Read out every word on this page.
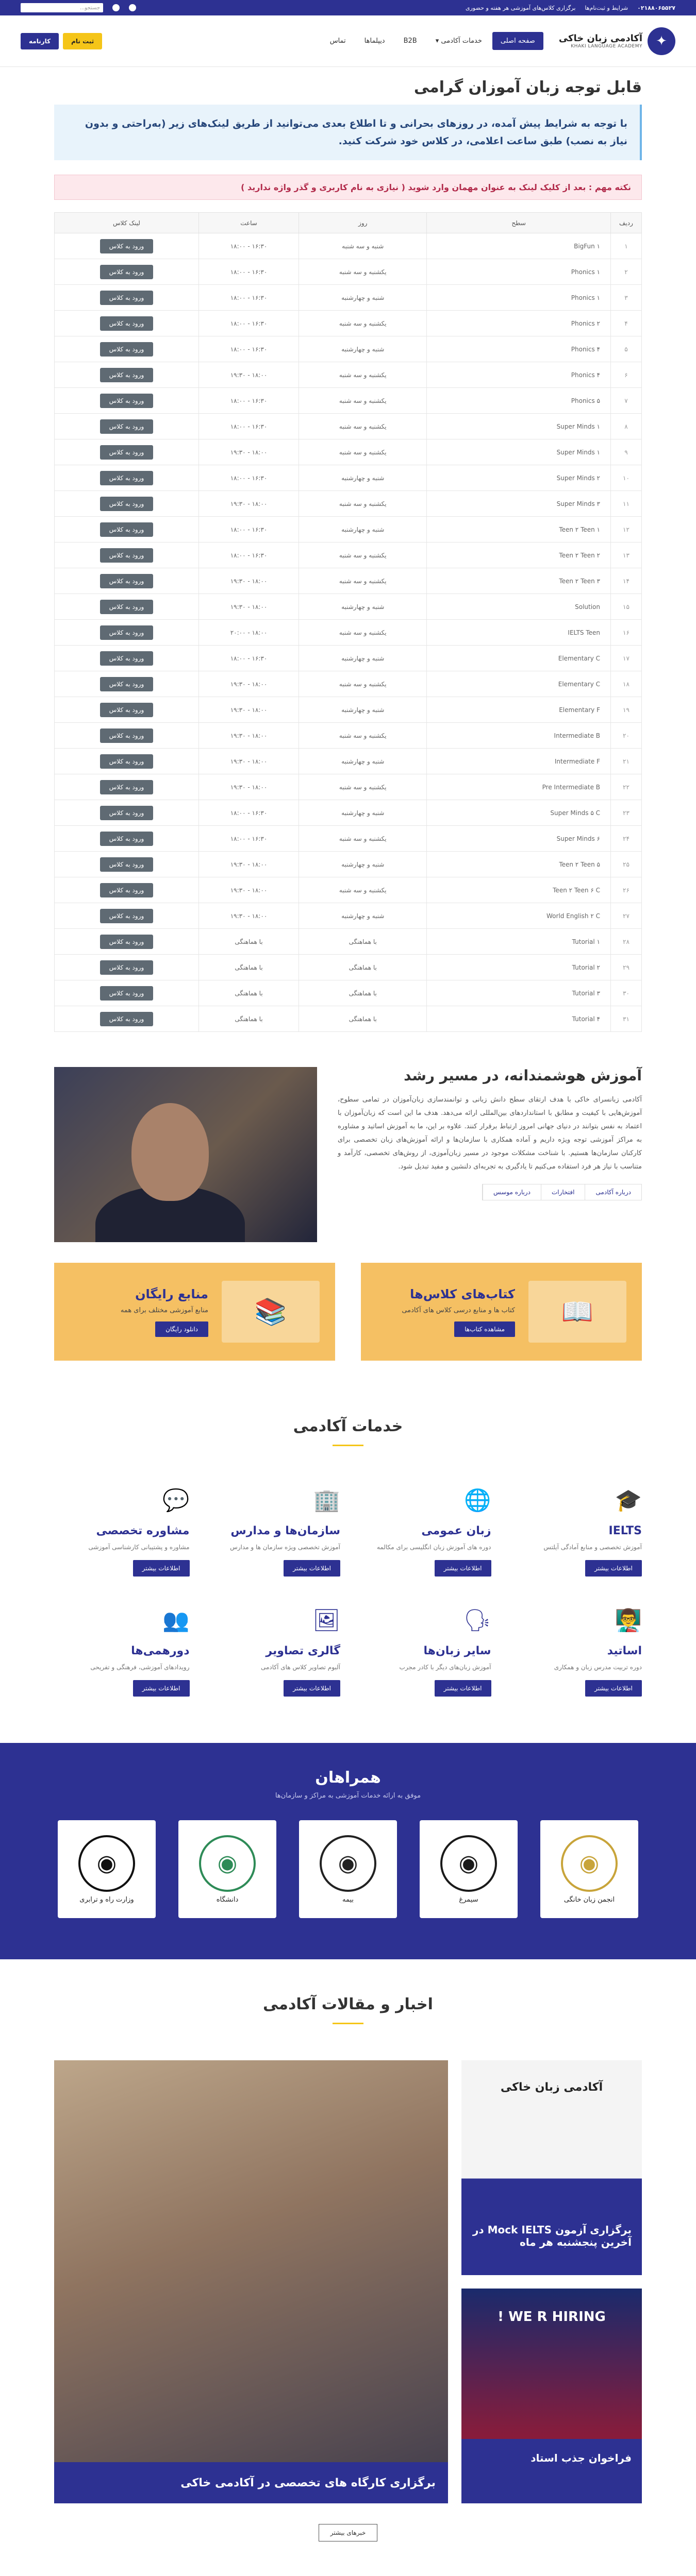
۰۲۱۸۸۰۶۵۵۲۷
شرایط و ثبت‌نام‌ها
برگزاری کلاس‌های آموزشی هر هفته و حضوری
جستجو...
✦
آکادمی زبان خاکی
KHAKI LANGUAGE ACADEMY
صفحه اصلی
خدمات آکادمی ▾
B2B
دیپلماها
تماس
ثبت نام
کارنامه
قابل توجه زبان آموزان گرامی
با توجه به شرایط پیش آمده، در روزهای بحرانی و تا اطلاع بعدی می‌توانید از طریق لینک‌های زیر (به‌راحتی و بدون نیاز به نصب) طبق ساعت اعلامی، در کلاس خود شرکت کنید.
نکته مهم : بعد از کلیک لینک به عنوان مهمان وارد شوید ( نیازی به نام کاربری و گذر واژه ندارید )
ردیف	سطح	روز	ساعت	لینک کلاس
۱	BigFun ۱	شنبه و سه شنبه	۱۶:۳۰ - ۱۸:۰۰	ورود به کلاس
۲	Phonics ۱	یکشنبه و سه شنبه	۱۶:۳۰ - ۱۸:۰۰	ورود به کلاس
۳	Phonics ۱	شنبه و چهارشنبه	۱۶:۳۰ - ۱۸:۰۰	ورود به کلاس
۴	Phonics ۲	یکشنبه و سه شنبه	۱۶:۳۰ - ۱۸:۰۰	ورود به کلاس
۵	Phonics ۴	شنبه و چهارشنبه	۱۶:۳۰ - ۱۸:۰۰	ورود به کلاس
۶	Phonics ۴	یکشنبه و سه شنبه	۱۸:۰۰ - ۱۹:۳۰	ورود به کلاس
۷	Phonics ۵	یکشنبه و سه شنبه	۱۶:۳۰ - ۱۸:۰۰	ورود به کلاس
۸	Super Minds ۱	یکشنبه و سه شنبه	۱۶:۳۰ - ۱۸:۰۰	ورود به کلاس
۹	Super Minds ۱	یکشنبه و سه شنبه	۱۸:۰۰ - ۱۹:۳۰	ورود به کلاس
۱۰	Super Minds ۲	شنبه و چهارشنبه	۱۶:۳۰ - ۱۸:۰۰	ورود به کلاس
۱۱	Super Minds ۳	یکشنبه و سه شنبه	۱۸:۰۰ - ۱۹:۳۰	ورود به کلاس
۱۲	Teen ۲ Teen ۱	شنبه و چهارشنبه	۱۶:۳۰ - ۱۸:۰۰	ورود به کلاس
۱۳	Teen ۲ Teen ۲	یکشنبه و سه شنبه	۱۶:۳۰ - ۱۸:۰۰	ورود به کلاس
۱۴	Teen ۲ Teen ۳	یکشنبه و سه شنبه	۱۸:۰۰ - ۱۹:۳۰	ورود به کلاس
۱۵	Solution	شنبه و چهارشنبه	۱۸:۰۰ - ۱۹:۳۰	ورود به کلاس
۱۶	IELTS Teen	یکشنبه و سه شنبه	۱۸:۰۰ - ۲۰:۰۰	ورود به کلاس
۱۷	Elementary C	شنبه و چهارشنبه	۱۶:۳۰ - ۱۸:۰۰	ورود به کلاس
۱۸	Elementary C	یکشنبه و سه شنبه	۱۸:۰۰ - ۱۹:۳۰	ورود به کلاس
۱۹	Elementary F	شنبه و چهارشنبه	۱۸:۰۰ - ۱۹:۳۰	ورود به کلاس
۲۰	Intermediate B	یکشنبه و سه شنبه	۱۸:۰۰ - ۱۹:۳۰	ورود به کلاس
۲۱	Intermediate F	شنبه و چهارشنبه	۱۸:۰۰ - ۱۹:۳۰	ورود به کلاس
۲۲	Pre Intermediate B	یکشنبه و سه شنبه	۱۸:۰۰ - ۱۹:۳۰	ورود به کلاس
۲۳	Super Minds ۵ C	شنبه و چهارشنبه	۱۶:۳۰ - ۱۸:۰۰	ورود به کلاس
۲۴	Super Minds ۶	یکشنبه و سه شنبه	۱۶:۳۰ - ۱۸:۰۰	ورود به کلاس
۲۵	Teen ۲ Teen ۵	شنبه و چهارشنبه	۱۸:۰۰ - ۱۹:۳۰	ورود به کلاس
۲۶	Teen ۲ Teen ۶ C	یکشنبه و سه شنبه	۱۸:۰۰ - ۱۹:۳۰	ورود به کلاس
۲۷	World English ۲ C	شنبه و چهارشنبه	۱۸:۰۰ - ۱۹:۳۰	ورود به کلاس
۲۸	Tutorial ۱	با هماهنگی	با هماهنگی	ورود به کلاس
۲۹	Tutorial ۲	با هماهنگی	با هماهنگی	ورود به کلاس
۳۰	Tutorial ۳	با هماهنگی	با هماهنگی	ورود به کلاس
۳۱	Tutorial ۴	با هماهنگی	با هماهنگی	ورود به کلاس
آموزش هوشمندانه، در مسیر رشد

آکادمی زبانسرای خاکی با هدف ارتقای سطح دانش زبانی و توانمندسازی زبان‌آموزان در تمامی سطوح، آموزش‌هایی با کیفیت و مطابق با استانداردهای بین‌المللی ارائه می‌دهد. هدف ما این است که زبان‌آموزان با اعتماد به نفس بتوانند در دنیای جهانی امروز ارتباط برقرار کنند. علاوه بر این، ما به آموزش اساتید و مشاوره به مراکز آموزشی توجه ویژه داریم و آماده همکاری با سازمان‌ها و ارائه آموزش‌های زبان تخصصی برای کارکنان سازمان‌ها هستیم. با شناخت مشکلات موجود در مسیر زبان‌آموزی، از روش‌های تخصصی، کارآمد و متناسب با نیاز هر فرد استفاده می‌کنیم تا یادگیری به تجربه‌ای دلنشین و مفید تبدیل شود.

درباره آکادمی
افتخارات
درباره موسس
📖
کتاب‌های کلاس‌ها
کتاب ها و منابع درسی کلاس های آکادمی
مشاهده کتاب‌ها
📚
منابع رایگان
منابع آموزشی مختلف برای همه
دانلود رایگان
خدمات آکادمی
🎓
IELTS

آموزش تخصصی و منابع آمادگی آیلتس

اطلاعات بیشتر
🌐
زبان عمومی

دوره های آموزش زبان انگلیسی برای مکالمه

اطلاعات بیشتر
🏢
سازمان‌ها و مدارس

آموزش تخصصی ویژه سازمان ها و مدارس

اطلاعات بیشتر
💬
مشاوره تخصصی

مشاوره و پشتیبانی کارشناسی آموزشی

اطلاعات بیشتر
👨‍🏫
اساتید

دوره تربیت مدرس زبان و همکاری

اطلاعات بیشتر
🗣
سایر زبان‌ها

آموزش زبان‌های دیگر با کادر مجرب

اطلاعات بیشتر
🖼
گالری تصاویر

آلبوم تصاویر کلاس های آکادمی

اطلاعات بیشتر
👥
دورهمی‌ها

رویدادهای آموزشی، فرهنگی و تفریحی

اطلاعات بیشتر
همراهان
موفق به ارائه خدمات آموزشی به مراکز و سازمان‌ها
◉
انجمن زبان خانگی
◉
سیمرغ
◉
بیمه
◉
دانشگاه
◉
وزارت راه و ترابری
اخبار و مقالات آکادمی
آکادمی زبان خاکی
برگزاری آزمون Mock IELTS در آخرین پنجشنبه هر ماه
WE R HIRING !
فراخوان جذب استاد
برگزاری کارگاه های تخصصی در آکادمی خاکی
خبرهای بیشتر
